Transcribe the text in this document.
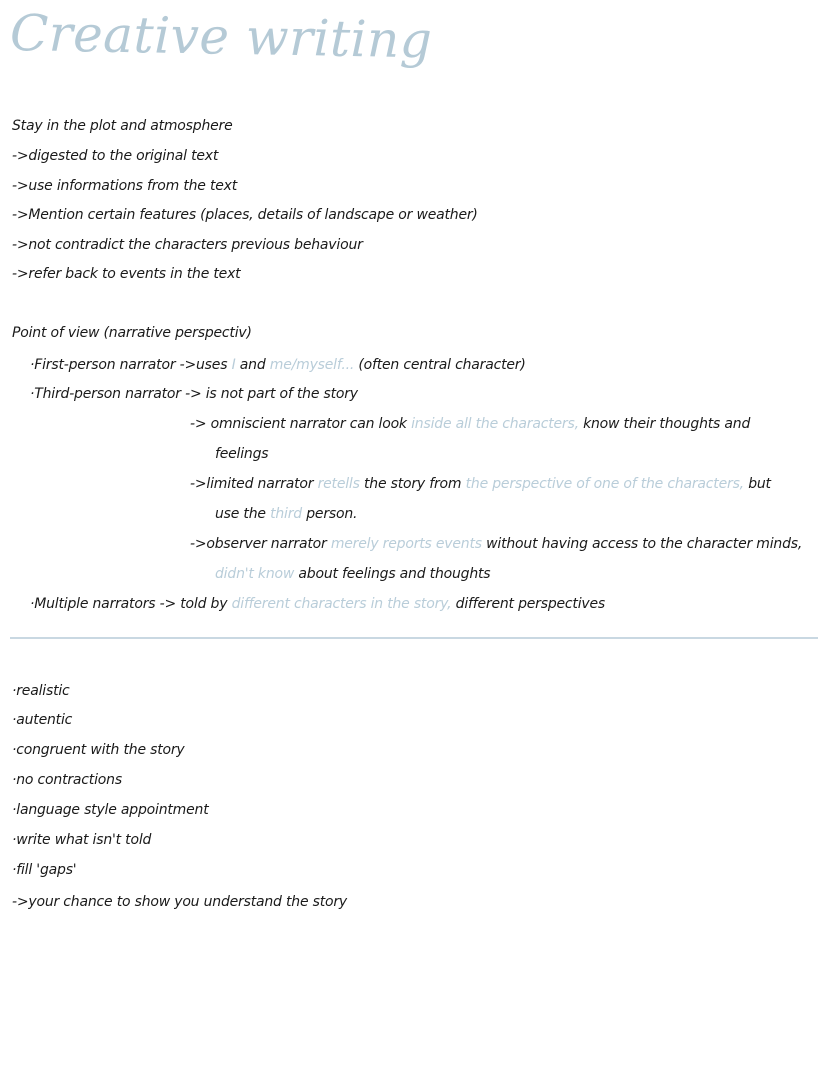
Creative writing
Stay in the plot and atmosphere
->digested to the original text
->use informations from the text
->Mention certain features (places, details of landscape or weather)
->not contradict the characters previous behaviour
->refer back to events in the text
Point of view (narrative perspectiv)
·First-person narrator ->uses I and me/myself... (often central character)
·Third-person narrator -> is not part of the story
-> omniscient narrator can look inside all the characters, know their thoughts and
feelings
->limited narrator retells the story from the perspective of one of the characters, but
use the third person.
->observer narrator merely reports events without having access to the character minds,
didn't know about feelings and thoughts
·Multiple narrators -> told by different characters in the story, different perspectives
·realistic
·autentic
·congruent with the story
·no contractions
·language style appointment
·write what isn't told
·fill 'gaps'
->your chance to show you understand the story
